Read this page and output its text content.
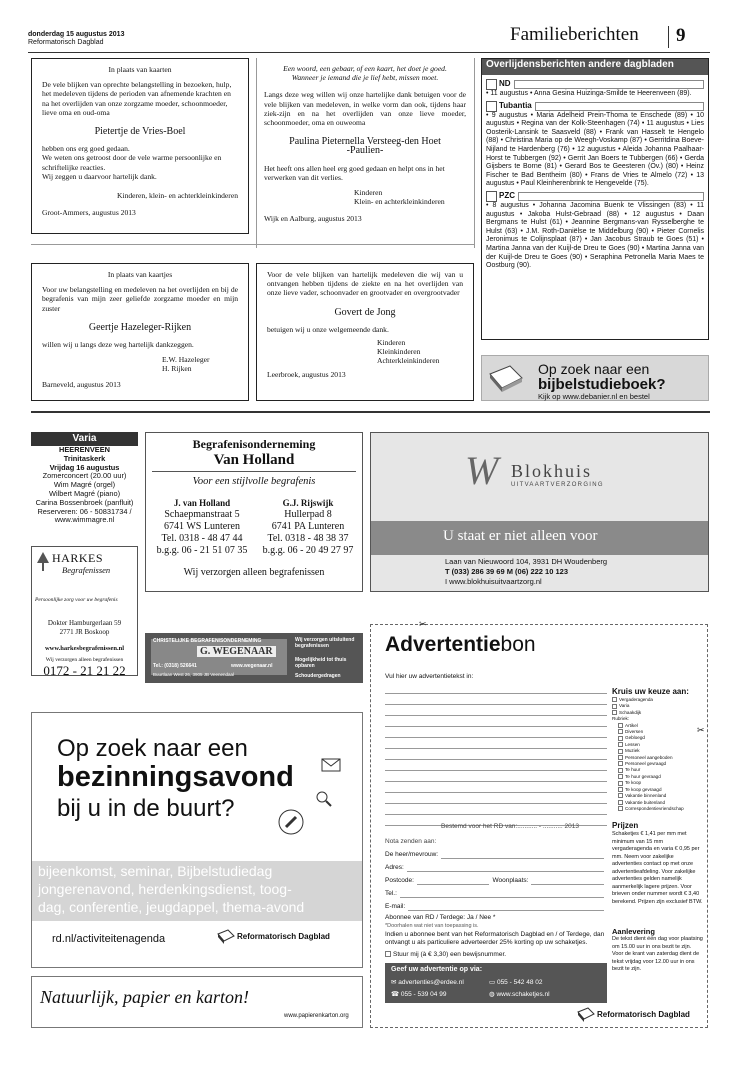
donderdag 15 augustus 2013
Reformatorisch Dagblad	Familieberichten 9
In plaats van kaarten

De vele blijken van oprechte belangstelling in bezoeken, hulp, het medeleven tijdens de perioden van afnemende krachten en na het overlijden van onze zorgzame moeder, schoonmoeder, lieve oma en oud-oma

Pietertje de Vries-Boel

hebben ons erg goed gedaan.

We weten ons getroost door de vele warme persoonlijke en schriftelijke reacties.

Wij zeggen u daarvoor hartelijk dank.

Kinderen, klein- en achterkleinkinderen
Groot-Ammers, augustus 2013
Een woord, een gebaar, of een kaart, het doet je goed.
Wanneer je iemand die je lief hebt, missen moet.

Langs deze weg willen wij onze hartelijke dank betuigen voor de vele blijken van medeleven, in welke vorm dan ook, tijdens haar ziek-zijn en na het overlijden van onze lieve moeder, schoonmoeder, oma en ouweoma

Paulina Pieternella Versteeg-den Hoet
-Paulien-

Het heeft ons allen heel erg goed gedaan en helpt ons in het verwerken van dit verlies.

Kinderen
Klein- en achterkleinkinderen
Wijk en Aalburg, augustus 2013
In plaats van kaartjes

Voor uw belangstelling en medeleven na het overlijden en bij de begrafenis van mijn zeer geliefde zorgzame moeder en mijn zuster

Geertje Hazeleger-Rijken

willen wij u langs deze weg hartelijk dankzeggen.

E.W. Hazeleger
H. Rijken
Barneveld, augustus 2013

Voor de vele blijken van hartelijk medeleven die wij van u ontvangen hebben tijdens de ziekte en na het overlijden van onze lieve vader, schoonvader en grootvader en overgrootvader

Govert de Jong

betuigen wij u onze welgemeende dank.

Kinderen
Kleinkinderen
Achterkleinkinderen
Leerbroek, augustus 2013
Overlijdensberichten andere dagbladen
ND
• 11 augustus • Anna Gesina Huizinga-Smilde te Heerenveen (89).
Tubantia
• 9 augustus • Maria Adelheid Prein-Thoma te Enschede (89) • 10 augustus • Regina van der Kolk-Steenhagen (74) • 11 augustus • Lies Oosterik-Lansink te Saasveld (88) • Frank van Hasselt te Hengelo (88) • Christina Maria op de Weegh-Voskamp (87) • Gerritdina Boeve-Nijland te Hardenberg (76) • 12 augustus • Aleida Johanna Paalhaar-Horst te Tubbergen (92) • Gerrit Jan Boers te Tubbergen (66) • Gerda Gijsbers te Borne (81) • Gerard Bos te Geesteren (Ov.) (80) • Heinz Fischer te Bad Bentheim (80) • Frans de Vries te Almelo (72) • 13 augustus • Paul Kleinherenbrink te Hengevelde (75).
PZC
• 8 augustus • Johanna Jacomina Buenk te Vlissingen (83) • 11 augustus • Jakoba Hulst-Gebraad (88) • 12 augustus • Daan Bergmans te Hulst (61) • Jeannine Bergmans-van Rysselberghe te Hulst (63) • J.M. Roth-Daniëlse te Middelburg (90) • Pieter Cornelis Jeronimus te Colijnsplaat (87) • Jan Jacobus Straub te Goes (51) • Martina Janna van der Kuijl-de Dreu te Goes (90) • Martina Janna van der Kuijl-de Dreu te Goes (90) • Seraphina Petronella Maria Maes te Oostburg (90).
Op zoek naar een
bijbelstudieboek?
Kijk op www.debanier.nl en bestel
Varia
HEERENVEEN
Trinitaskerk
Vrijdag 16 augustus
Zomerconcert (20.00 uur)
Wim Magré (orgel)
Wilbert Magré (piano)
Carina Bossenbroek (panfluit)
Reserveren: 06 - 50831734 /
www.wimmagre.nl
HARKES
Begrafenissen
Persoonlijke zorg voor uw begrafenis
Dokter Hamburgerlaan 59
2771 JR Boskoop
www.harkesbegrafenissen.nl
Wij verzorgen alleen begrafenissen
0172 - 21 21 22
Begrafenisonderneming
Van Holland
Voor een stijlvolle begrafenis
J. van Holland
Schaepmanstraat 5
6741 WS Lunteren
Tel. 0318 - 48 47 44
b.g.g. 06 - 21 51 07 35
G.J. Rijswijk
Hullerpad 8
6741 PA Lunteren
Tel. 0318 - 48 38 37
b.g.g. 06 - 20 49 27 97
Wij verzorgen alleen begrafenissen
W Blokhuis
UITVAARTVERZORGING
U staat er niet alleen voor
Laan van Nieuwoord 104, 3931 DH Woudenberg
T (033) 286 39 69 M (06) 222 10 123
I www.blokhuisuitvaartzorg.nl
CHRISTELIJKE BEGRAFENISONDERNEMING
G. WEGENAAR
Tel.: (0318) 526641	www.wegenaar.nl
Buurtlaan West 26, 3905 JB Veenendaal
Wij verzorgen uitsluitend begrafenissen
Mogelijkheid tot thuis opbaren
Schoudergedragen
Op zoek naar een
bezinningsavond
bij u in de buurt?
bijeenkomst, seminar, Bijbelstudiedag
jongerenavond, herdenkingsdienst, toog-
dag, conferentie, jeugdappel, thema-avond
rd.nl/activiteitenagenda	Reformatorisch Dagblad
Natuurlijk, papier en karton!
www.papierenkarton.org
✂
Advertentiebon
Vul hier uw advertentietekst in:
Kruis uw keuze aan:
✂
Vergaderagenda
Varia
Schaakdijk
Rubriek:
Artikel
Diversen
Gebloegd
Lessen
Muziek
Personeel aangeboden
Personeel gevraagd
Te huur
Te huur gevraagd
Te koop
Te koop gevraagd
Vakantie binnenland
Vakantie buitenland
Correspondentievriendschap
Bestemd voor het RD van:........... - ........... 2013
Nota zenden aan:
De heer/mevrouw:
Adres:
Postcode:	Woonplaats:
Tel.:
E-mail:
Abonnee van RD / Terdege: Ja / Nee *
*Doorhalen wat niet van toepassing is.
Indien u abonnee bent van het Reformatorisch Dagblad en / of Terdege, dan ontvangt u als particuliere adverteerder 25% korting op uw schaketjes.
Stuur mij (à € 3,30) een bewijsnummer.
Geef uw advertentie op via:
✉ advertenties@erdee.nl	▭ 055 - 542 48 02
☎ 055 - 539 04 99	◍ www.schaketjes.nl
Prijzen
Schaketjes € 1,41 per mm met minimum van 15 mm vergaderagenda en varia € 0,95 per mm. Neem voor zakelijke advertenties contact op met onze advertentieafdeling. Voor zakelijke advertenties gelden namelijk aanmerkelijk lagere prijzen. Voor brieven onder nummer wordt € 3,40 berekend. Prijzen zijn exclusief BTW.
Aanlevering
De tekst dient één dag voor plaatsing om 15.00 uur in ons bezit te zijn. Voor de krant van zaterdag dient de tekst vrijdag voor 12.00 uur in ons bezit te zijn.
Reformatorisch Dagblad
